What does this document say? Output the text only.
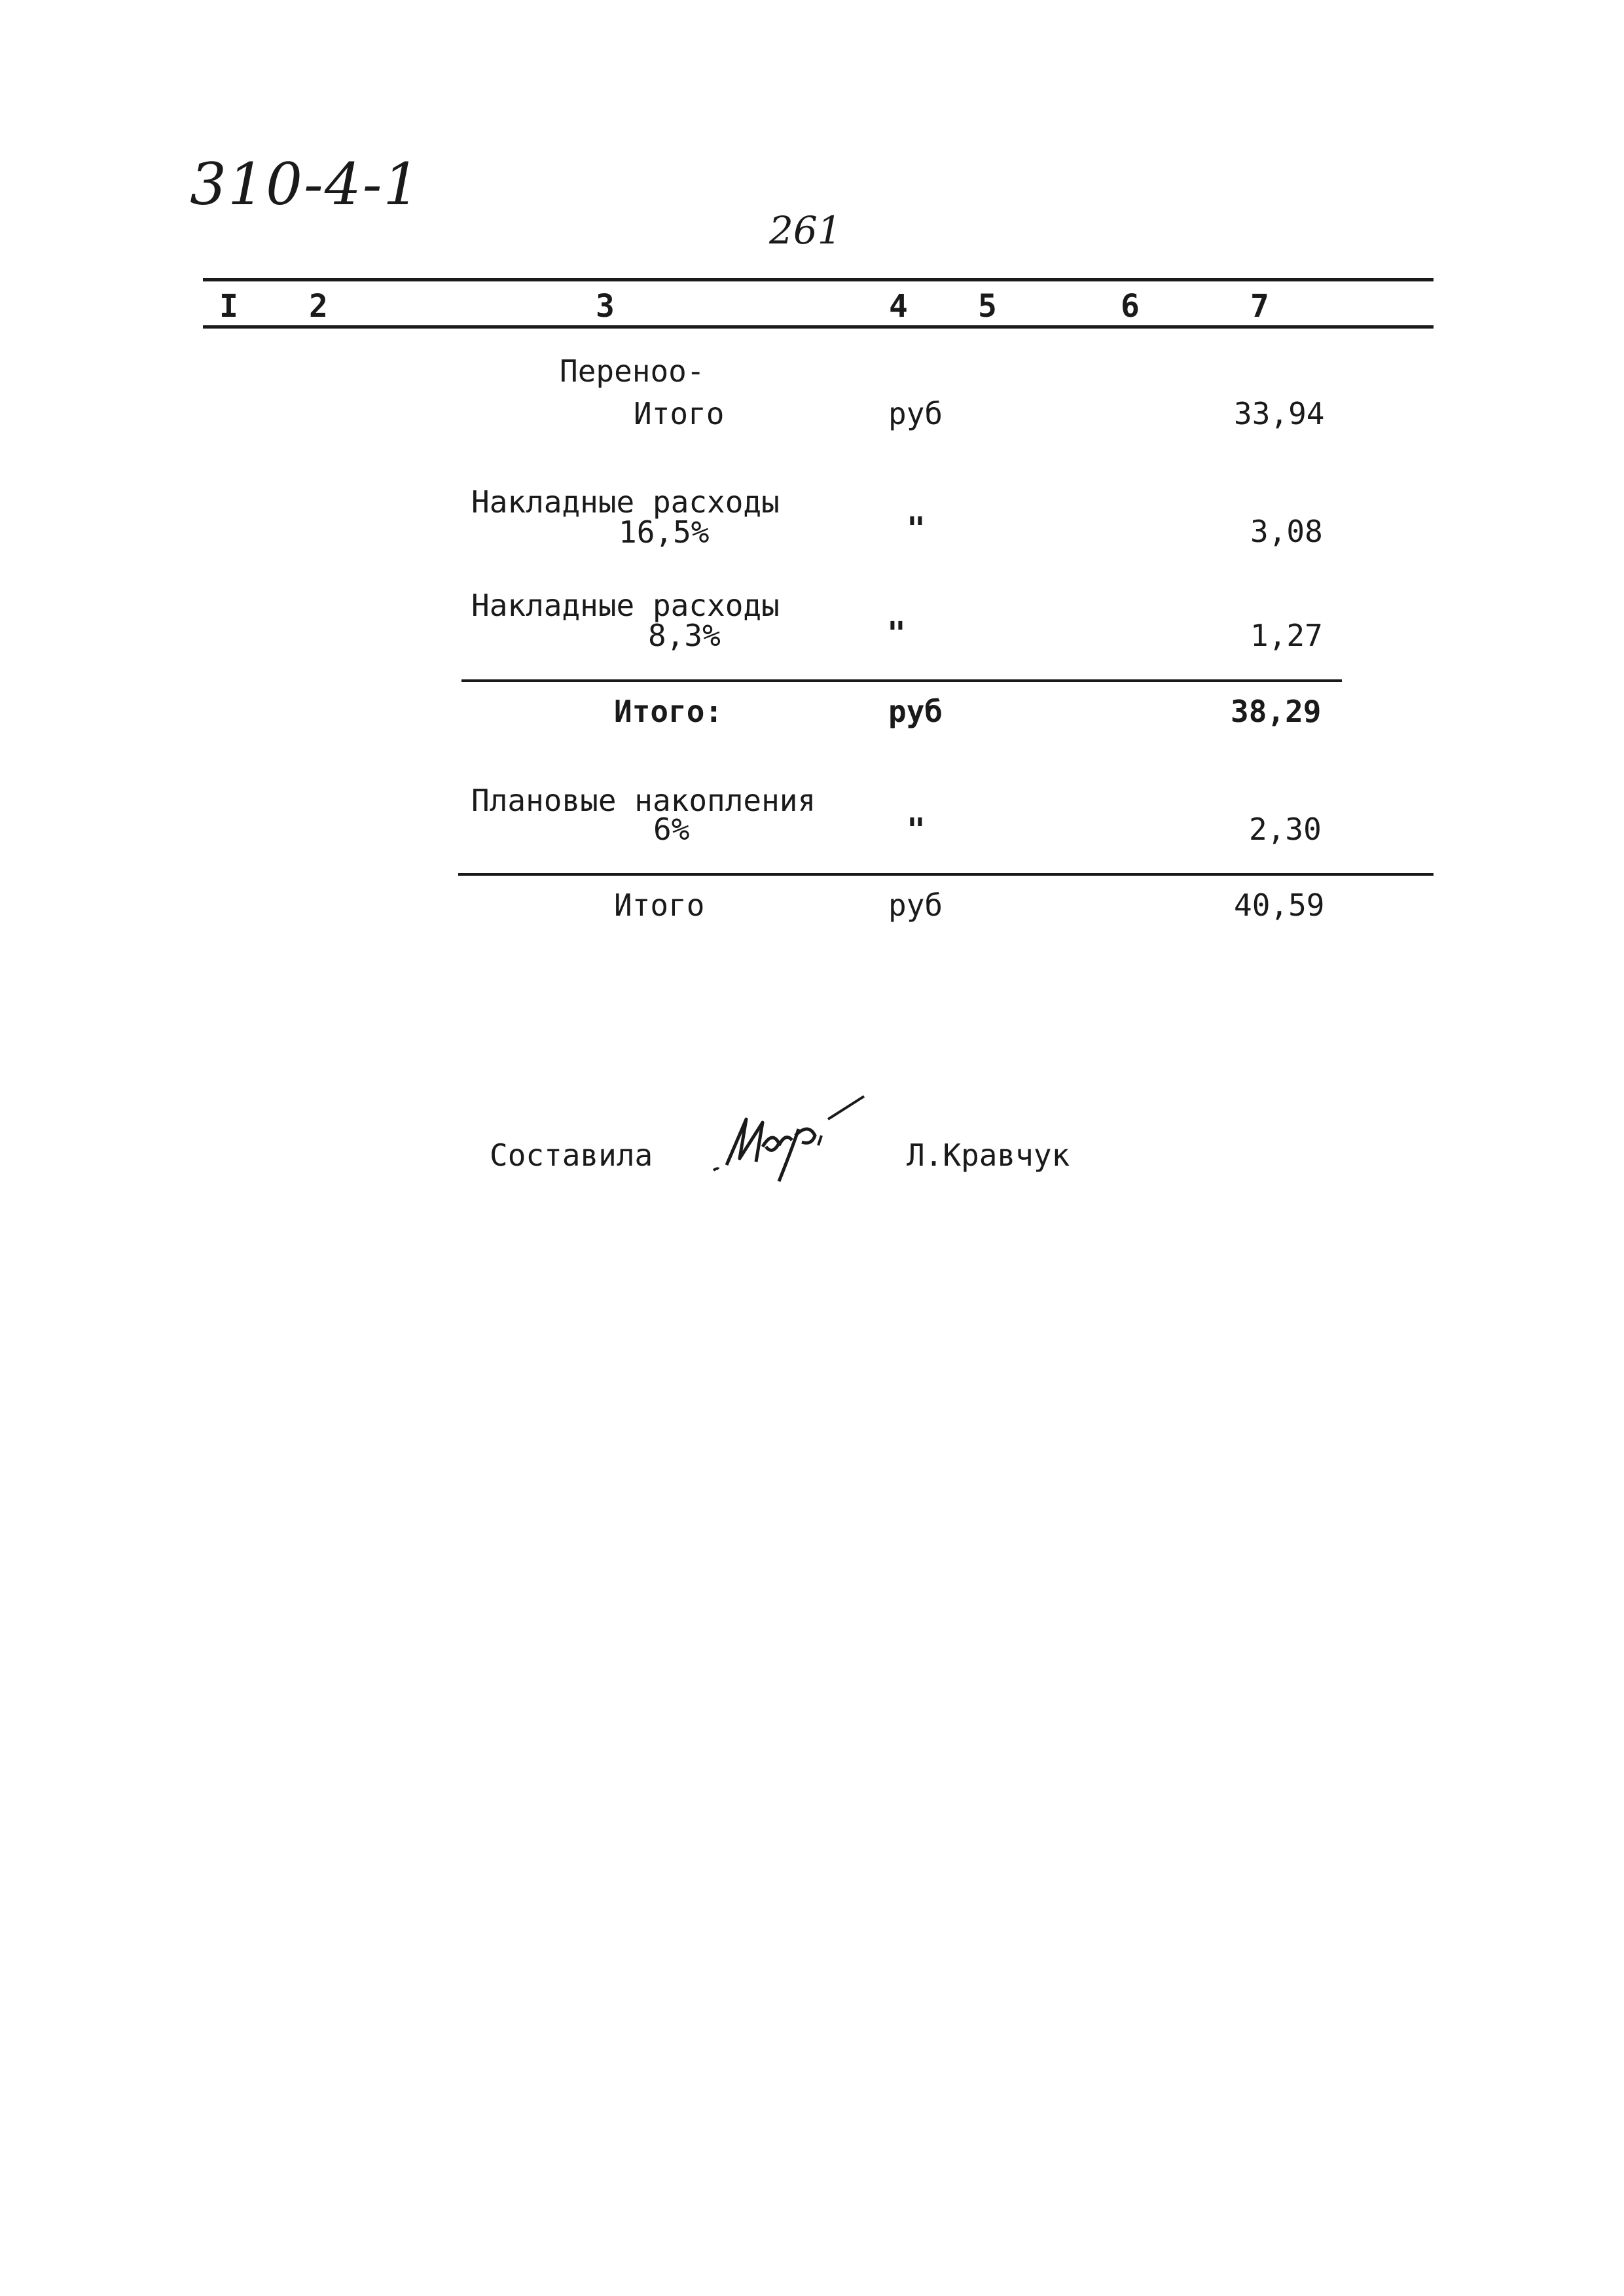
310-4-1
261
I 2	3	4 5	6	7
Переноо-
Итого	руб	33,94
Накладные расходы
16,5%	"	3,08
Накладные расходы
8,3%	"	1,27
Итого:	руб	38,29
Плановые накопления
6%	"	2,30
Итого	руб	40,59
Составила	Л.Кравчук
